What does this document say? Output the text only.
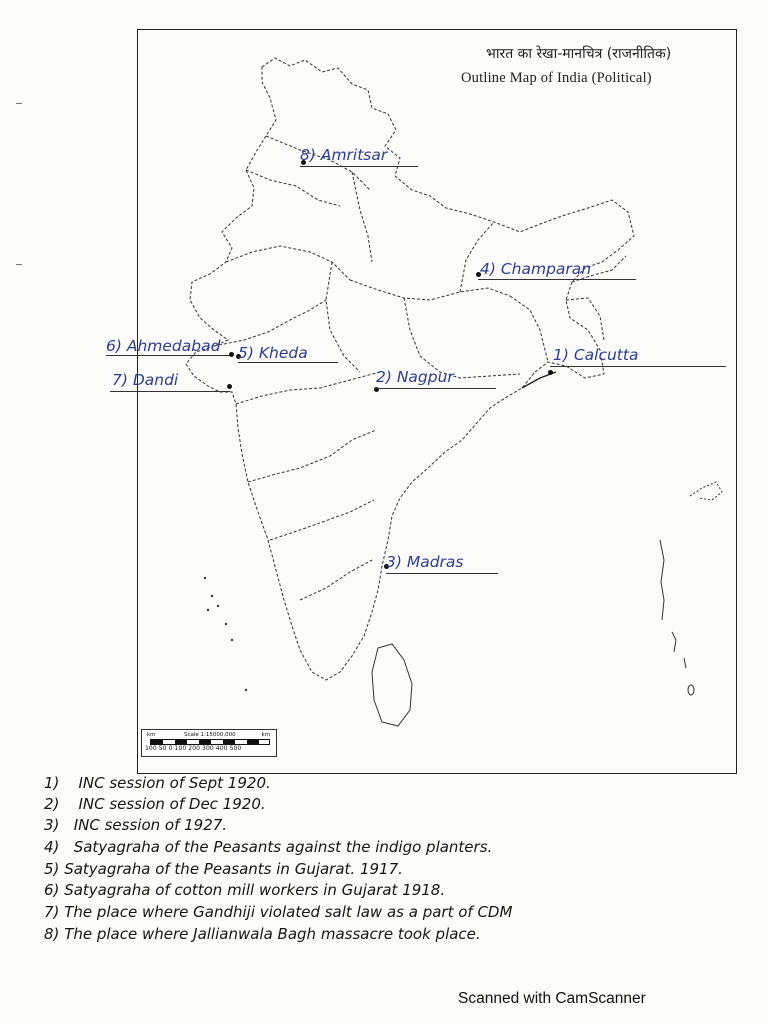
भारत का रेखा-मानचित्र (राजनीतिक)
Outline Map of India (Political)
8) Amritsar
4) Champaran
6) Ahmedabad 5) Kheda
7) Dandi	2) Nagpur
1) Calcutta
3) Madras
km	Scale 1:15000,000	km
100 50 0 100 200 300 400 500
1) INC session of Sept 1920.
2) INC session of Dec 1920.
3) INC session of 1927.
4) Satyagraha of the Peasants against the indigo planters.
5) Satyagraha of the Peasants in Gujarat. 1917.
6) Satyagraha of cotton mill workers in Gujarat 1918.
7) The place where Gandhiji violated salt law as a part of CDM
8) The place where Jallianwala Bagh massacre took place.
Scanned with CamScanner
